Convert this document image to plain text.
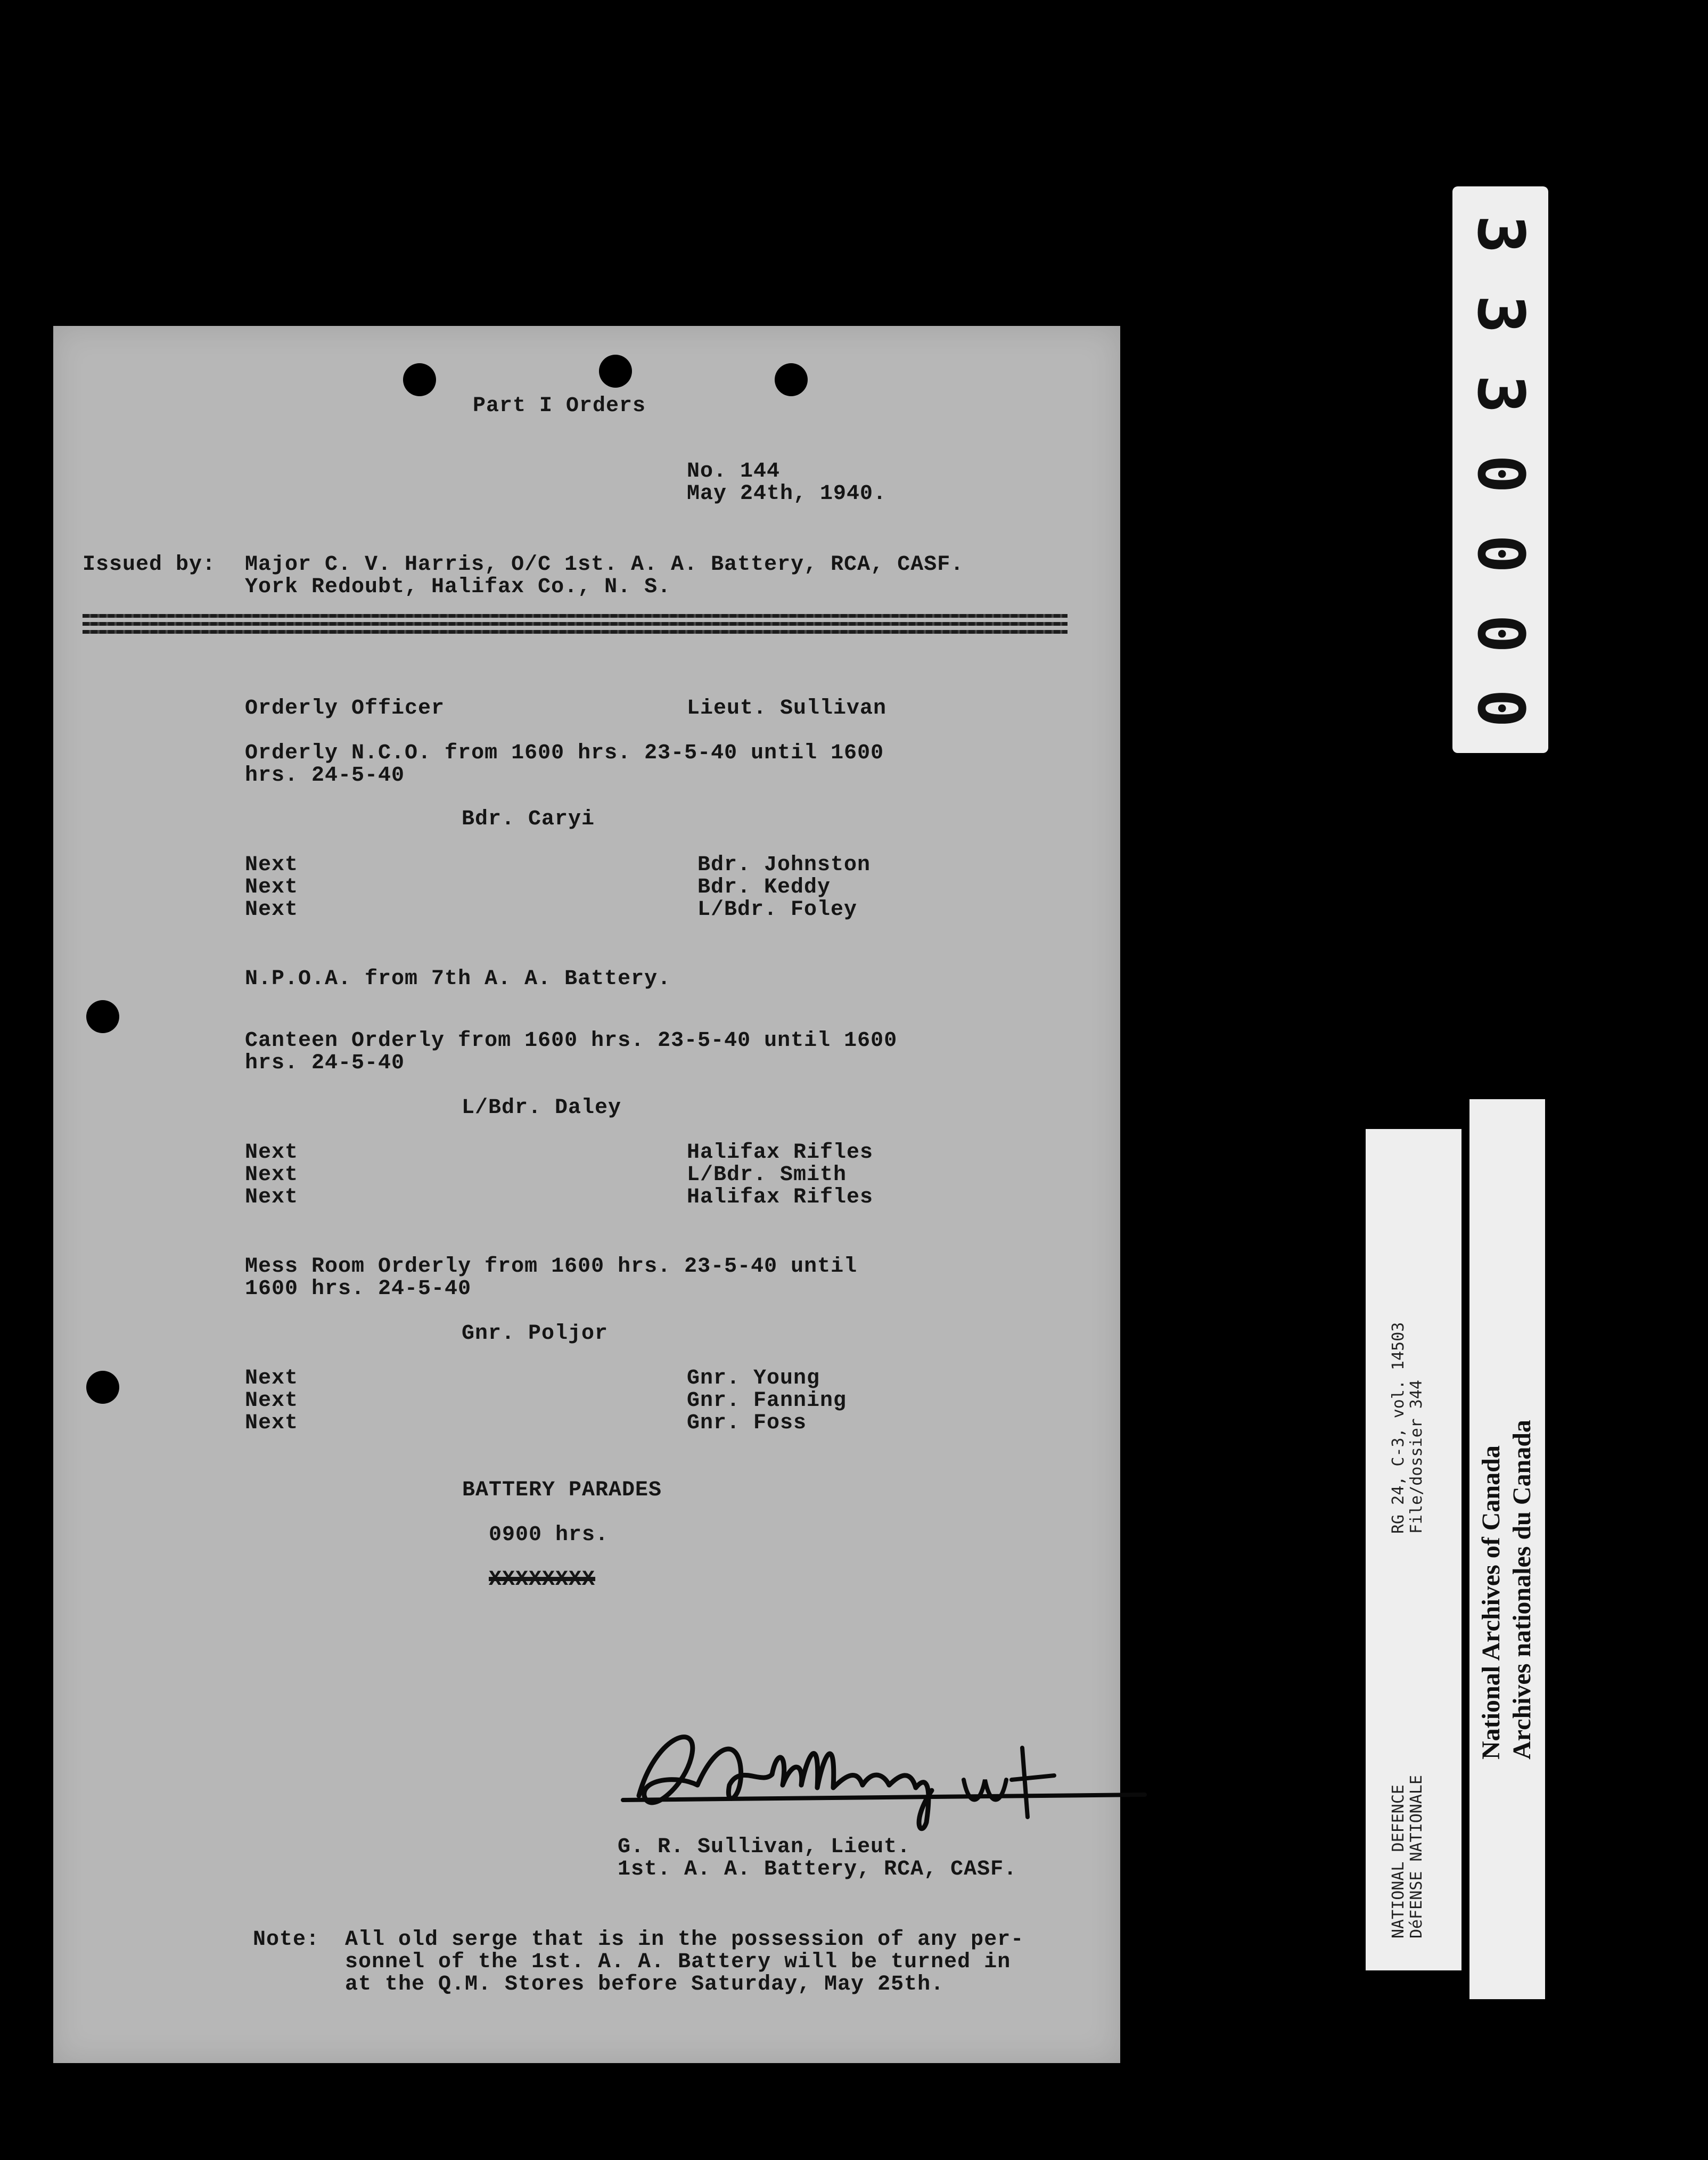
3
3
3
0
0
0
0
RG 24, C-3, vol. 14503 File/dossier 344
NATIONAL DEFENCE DéFENSE NATIONALE
National Archives of Canada Archives nationales du Canada
Part I Orders
No. 144
May 24th, 1940.
Issued by: Major C. V. Harris, O/C 1st. A. A. Battery, RCA, CASF.
York Redoubt, Halifax Co., N. S.
Orderly Officer	Lieut. Sullivan
Orderly N.C.O. from 1600 hrs. 23-5-40 until 1600
hrs. 24-5-40
Bdr. Caryi
Next	Bdr. Johnston
Next	Bdr. Keddy
Next	L/Bdr. Foley
N.P.O.A. from 7th A. A. Battery.
Canteen Orderly from 1600 hrs. 23-5-40 until 1600
hrs. 24-5-40
L/Bdr. Daley
Next	Halifax Rifles
Next	L/Bdr. Smith
Next	Halifax Rifles
Mess Room Orderly from 1600 hrs. 23-5-40 until
1600 hrs. 24-5-40
Gnr. Poljor
Next	Gnr. Young
Next	Gnr. Fanning
Next	Gnr. Foss
BATTERY PARADES
0900 hrs.
XXXXXXXX
G. R. Sullivan, Lieut.
1st. A. A. Battery, RCA, CASF.
Note: All old serge that is in the possession of any per-
sonnel of the 1st. A. A. Battery will be turned in
at the Q.M. Stores before Saturday, May 25th.
